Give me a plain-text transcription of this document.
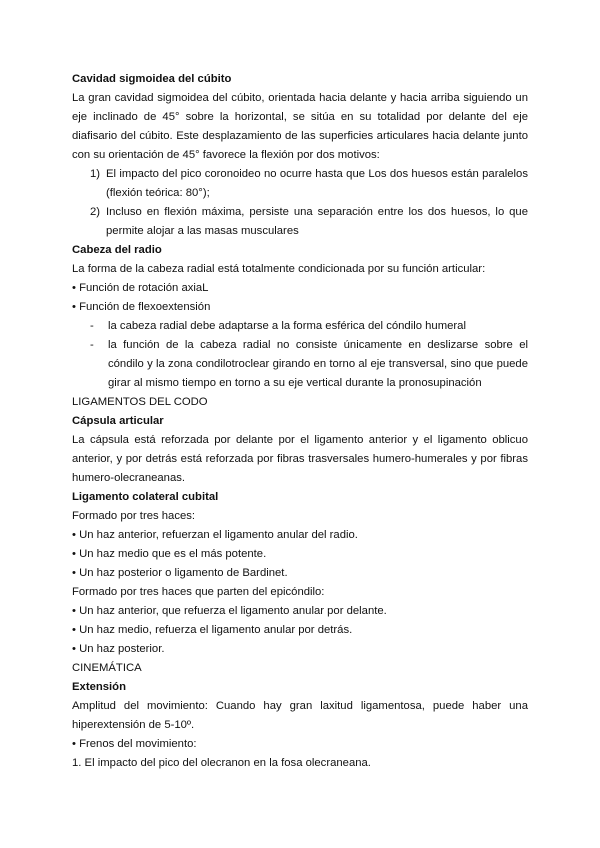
Cavidad sigmoidea del cúbito
La gran cavidad sigmoidea del cúbito, orientada hacia delante y hacia arriba siguiendo un eje inclinado de 45° sobre la horizontal, se sitúa en su totalidad por delante del eje diafisario del cúbito. Este desplazamiento de las superficies articulares hacia delante junto con su orientación de 45° favorece la flexión por dos motivos:
1) El impacto del pico coronoideo no ocurre hasta que Los dos huesos están paralelos (flexión teórica: 80°);
2) Incluso en flexión máxima, persiste una separación entre los dos huesos, lo que permite alojar a las masas musculares
Cabeza del radio
La forma de la cabeza radial está totalmente condicionada por su función articular:
• Función de rotación axiaL
• Función de flexoextensión
- la cabeza radial debe adaptarse a la forma esférica del cóndilo humeral
- la función de la cabeza radial no consiste únicamente en deslizarse sobre el cóndilo y la zona condilotroclear girando en torno al eje transversal, sino que puede girar al mismo tiempo en torno a su eje vertical durante la pronosupinación
LIGAMENTOS DEL CODO
Cápsula articular
La cápsula está reforzada por delante por el ligamento anterior y el ligamento oblicuo anterior, y por detrás está reforzada por fibras trasversales humero-humerales y por fibras humero-olecraneanas.
Ligamento colateral cubital
Formado por tres haces:
• Un haz anterior, refuerzan el ligamento anular del radio.
• Un haz medio que es el más potente.
• Un haz posterior o ligamento de Bardinet.
Formado por tres haces que parten del epicóndilo:
• Un haz anterior, que refuerza el ligamento anular por delante.
• Un haz medio, refuerza el ligamento anular por detrás.
• Un haz posterior.
CINEMÁTICA
Extensión
Amplitud del movimiento: Cuando hay gran laxitud ligamentosa, puede haber una hiperextensión de 5-10º.
• Frenos del movimiento:
1. El impacto del pico del olecranon en la fosa olecraneana.
